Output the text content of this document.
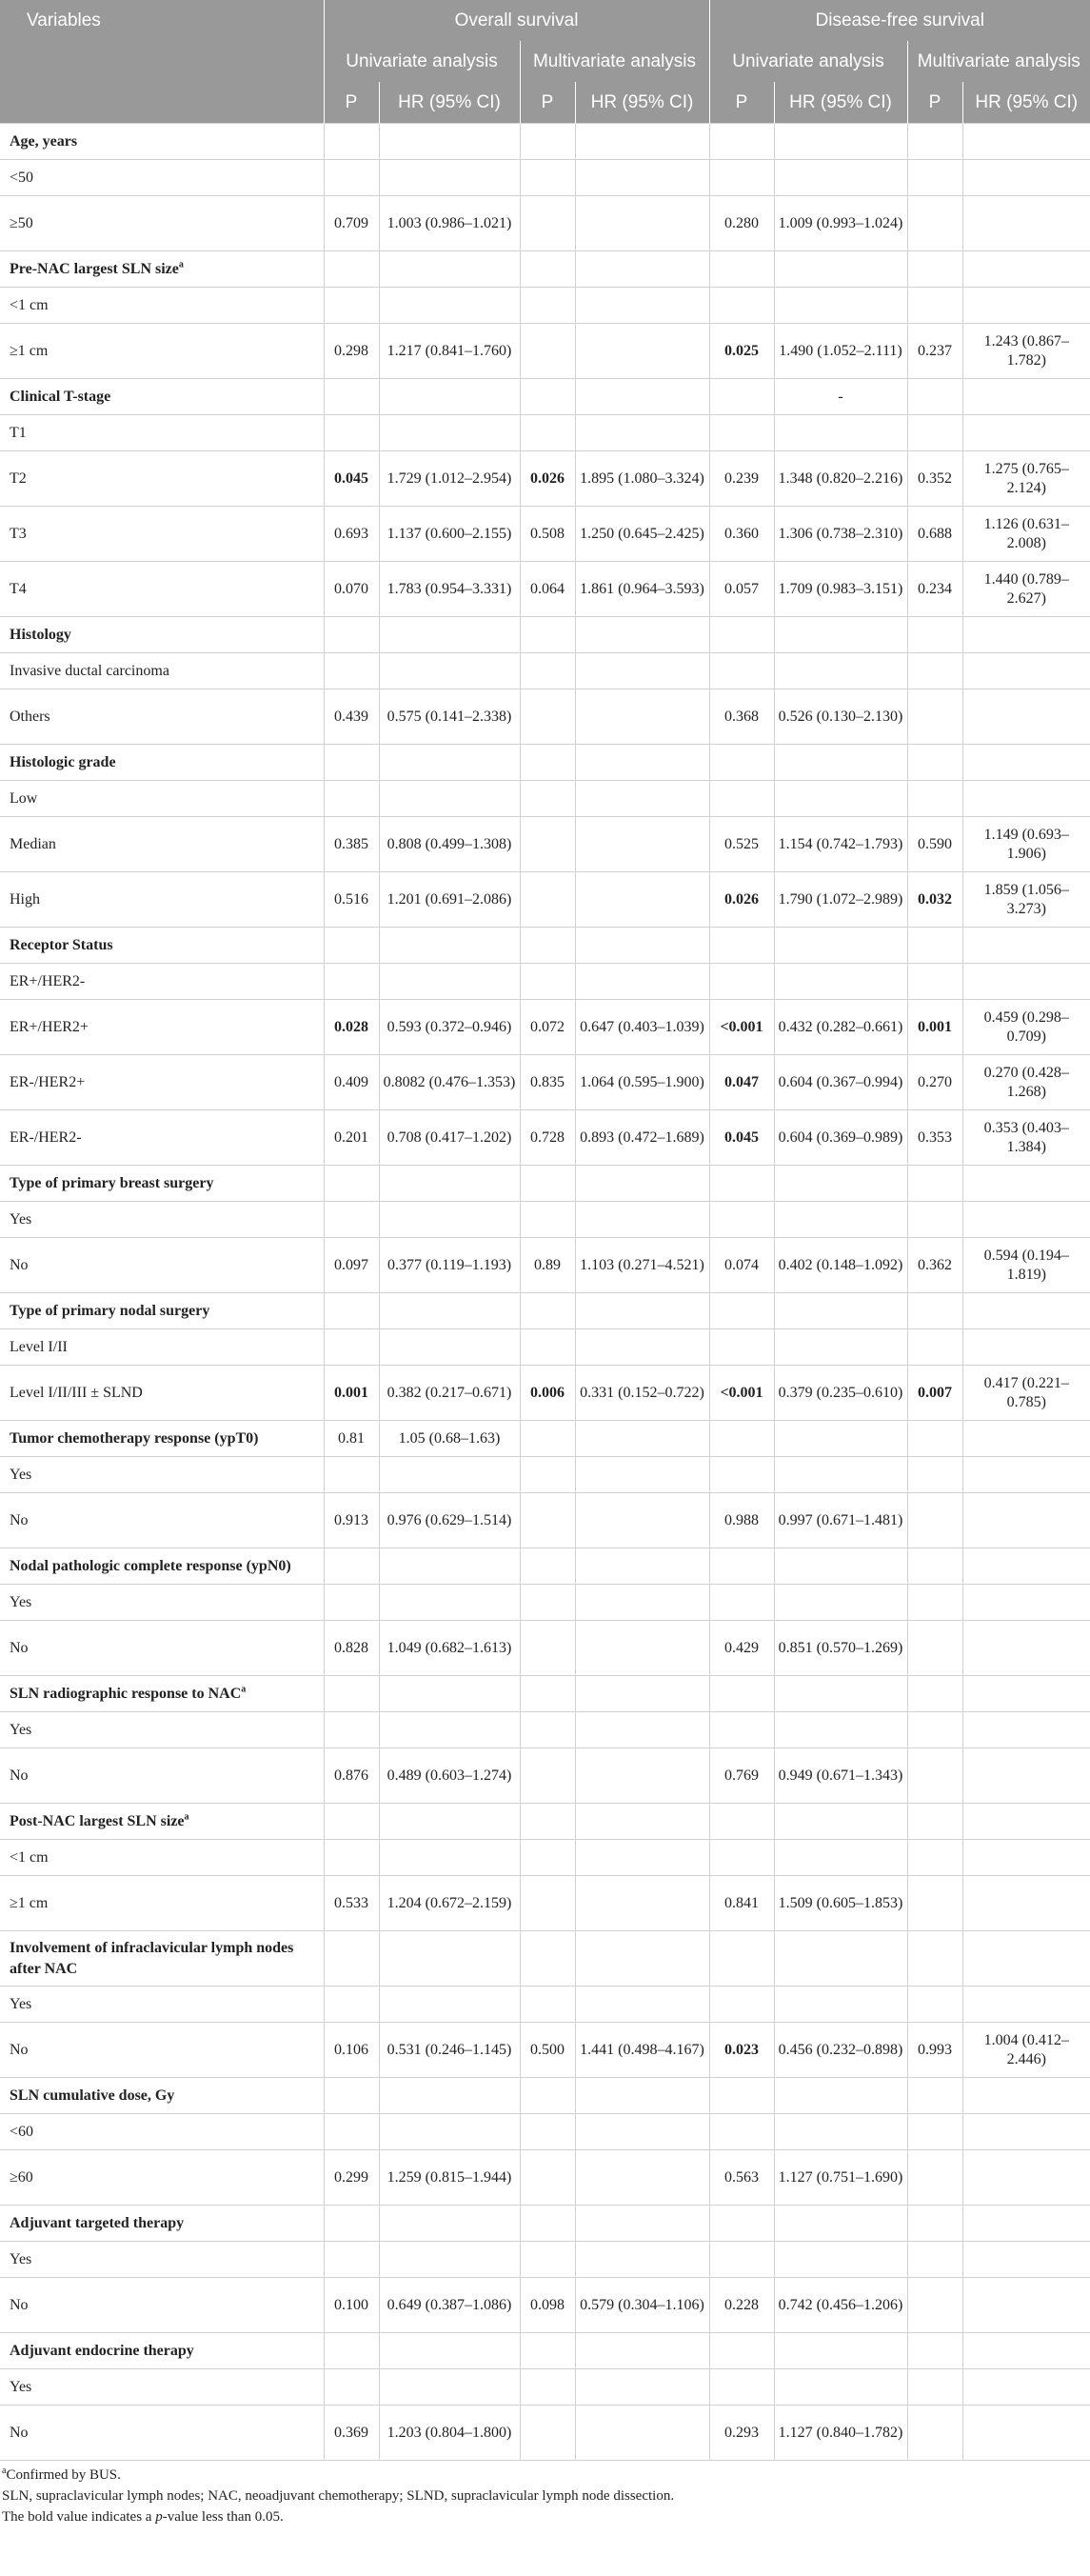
Variables	Overall survival				Disease-free survival			
	Univariate analysis		Multivariate analysis		Univariate analysis		Multivariate analysis	
	P	HR (95% CI)	P	HR (95% CI)	P	HR (95% CI)	P	HR (95% CI)
Age, years								
<50								
≥50	0.709	1.003 (0.986–1.021)			0.280	1.009 (0.993–1.024)		
Pre-NAC largest SLN size$^a$								
<1 cm								
≥1 cm	0.298	1.217 (0.841–1.760)			0.025	1.490 (1.052–2.111)	0.237	1.243 (0.867–1.782)
Clinical T-stage						-		
T1								
T2	0.045	1.729 (1.012–2.954)	0.026	1.895 (1.080–3.324)	0.239	1.348 (0.820–2.216)	0.352	1.275 (0.765–2.124)
T3	0.693	1.137 (0.600–2.155)	0.508	1.250 (0.645–2.425)	0.360	1.306 (0.738–2.310)	0.688	1.126 (0.631–2.008)
T4	0.070	1.783 (0.954–3.331)	0.064	1.861 (0.964–3.593)	0.057	1.709 (0.983–3.151)	0.234	1.440 (0.789–2.627)
Histology								
Invasive ductal carcinoma								
Others	0.439	0.575 (0.141–2.338)			0.368	0.526 (0.130–2.130)		
Histologic grade								
Low								
Median	0.385	0.808 (0.499–1.308)			0.525	1.154 (0.742–1.793)	0.590	1.149 (0.693–1.906)
High	0.516	1.201 (0.691–2.086)			0.026	1.790 (1.072–2.989)	0.032	1.859 (1.056–3.273)
Receptor Status								
ER+/HER2-								
ER+/HER2+	0.028	0.593 (0.372–0.946)	0.072	0.647 (0.403–1.039)	<0.001	0.432 (0.282–0.661)	0.001	0.459 (0.298–0.709)
ER-/HER2+	0.409	0.8082 (0.476–1.353)	0.835	1.064 (0.595–1.900)	0.047	0.604 (0.367–0.994)	0.270	0.270 (0.428–1.268)
ER-/HER2-	0.201	0.708 (0.417–1.202)	0.728	0.893 (0.472–1.689)	0.045	0.604 (0.369–0.989)	0.353	0.353 (0.403–1.384)
Type of primary breast surgery								
Yes								
No	0.097	0.377 (0.119–1.193)	0.89	1.103 (0.271–4.521)	0.074	0.402 (0.148–1.092)	0.362	0.594 (0.194–1.819)
Type of primary nodal surgery								
Level I/II								
Level I/II/III ± SLND	0.001	0.382 (0.217–0.671)	0.006	0.331 (0.152–0.722)	<0.001	0.379 (0.235–0.610)	0.007	0.417 (0.221–0.785)
Tumor chemotherapy response (ypT0)	0.81	1.05 (0.68–1.63)						
Yes								
No	0.913	0.976 (0.629–1.514)			0.988	0.997 (0.671–1.481)		
Nodal pathologic complete response (ypN0)								
Yes								
No	0.828	1.049 (0.682–1.613)			0.429	0.851 (0.570–1.269)		
SLN radiographic response to NAC$^a$								
Yes								
No	0.876	0.489 (0.603–1.274)			0.769	0.949 (0.671–1.343)		
Post-NAC largest SLN size$^a$								
<1 cm								
≥1 cm	0.533	1.204 (0.672–2.159)			0.841	1.509 (0.605–1.853)		
Involvement of infraclavicular lymph nodes after NAC								
Yes								
No	0.106	0.531 (0.246–1.145)	0.500	1.441 (0.498–4.167)	0.023	0.456 (0.232–0.898)	0.993	1.004 (0.412–2.446)
SLN cumulative dose, Gy								
<60								
≥60	0.299	1.259 (0.815–1.944)			0.563	1.127 (0.751–1.690)		
Adjuvant targeted therapy								
Yes								
No	0.100	0.649 (0.387–1.086)	0.098	0.579 (0.304–1.106)	0.228	0.742 (0.456–1.206)		
Adjuvant endocrine therapy								
Yes								
No	0.369	1.203 (0.804–1.800)			0.293	1.127 (0.840–1.782)		
$^a$Confirmed by BUS.
SLN, supraclavicular lymph nodes; NAC, neoadjuvant chemotherapy; SLND, supraclavicular lymph node dissection.
The bold value indicates a p-value less than 0.05.
